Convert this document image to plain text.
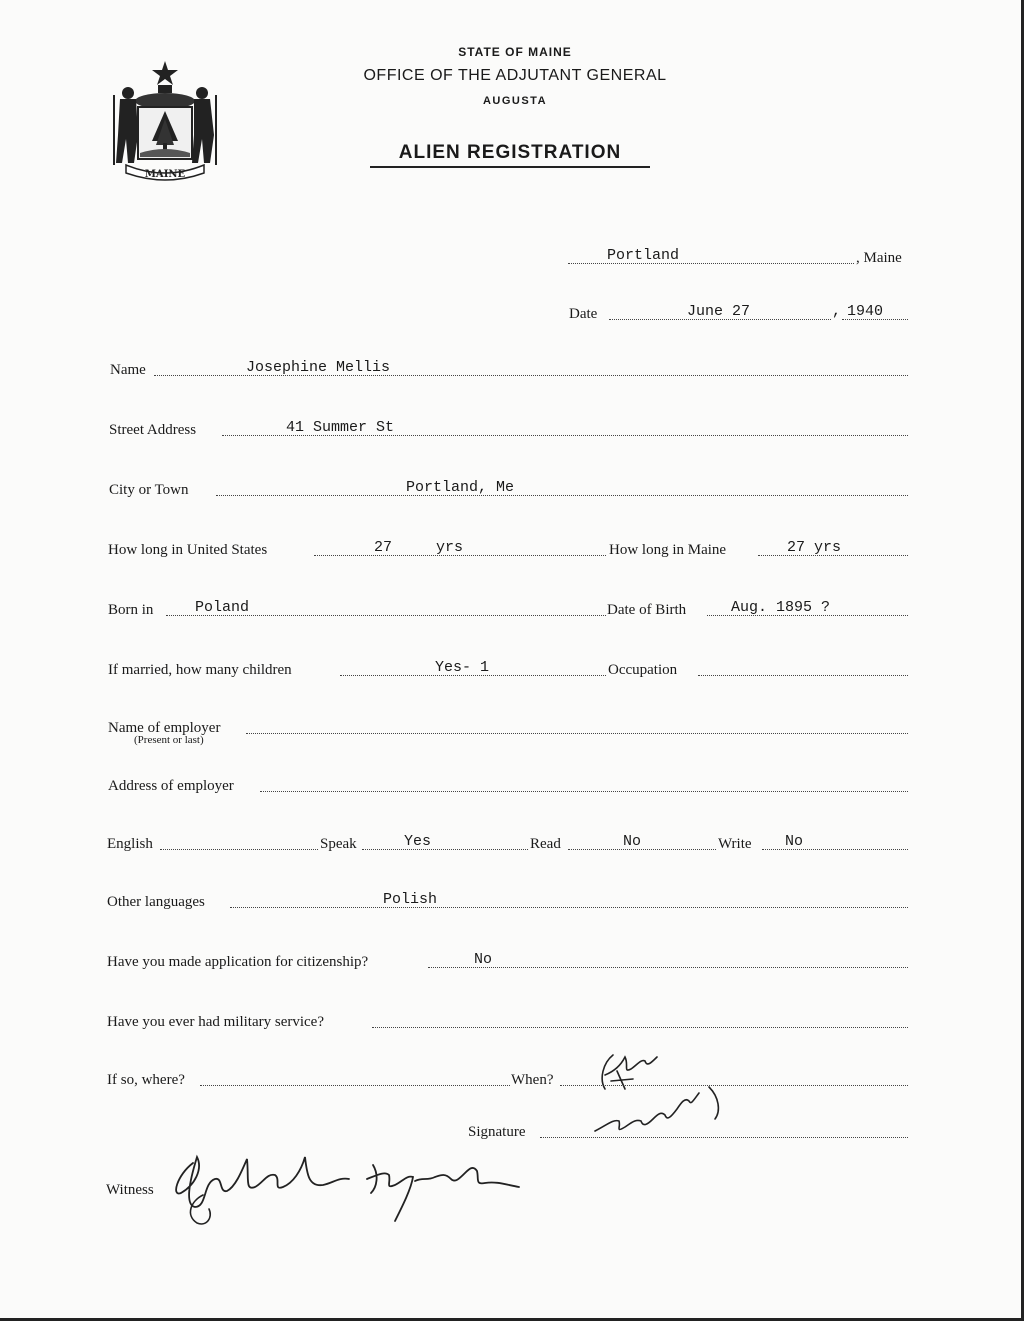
MAINE
STATE OF MAINE
OFFICE OF THE ADJUTANT GENERAL
AUGUSTA
ALIEN REGISTRATION
Portland	, Maine
Date	June 27	, 1940
Name	Josephine Mellis
Street Address	41 Summer St
City or Town	Portland, Me
How long in United States	27	yrs	How long in Maine	27 yrs
Born in	Poland	Date of Birth	Aug. 1895 ?
If married, how many children	Yes- 1	Occupation
Name of employer
(Present or last)
Address of employer
English	Speak	Yes	Read	No	Write No
Other languages	Polish
Have you made application for citizenship?	No
Have you ever had military service?
If so, where?	When?
Signature
Witness
